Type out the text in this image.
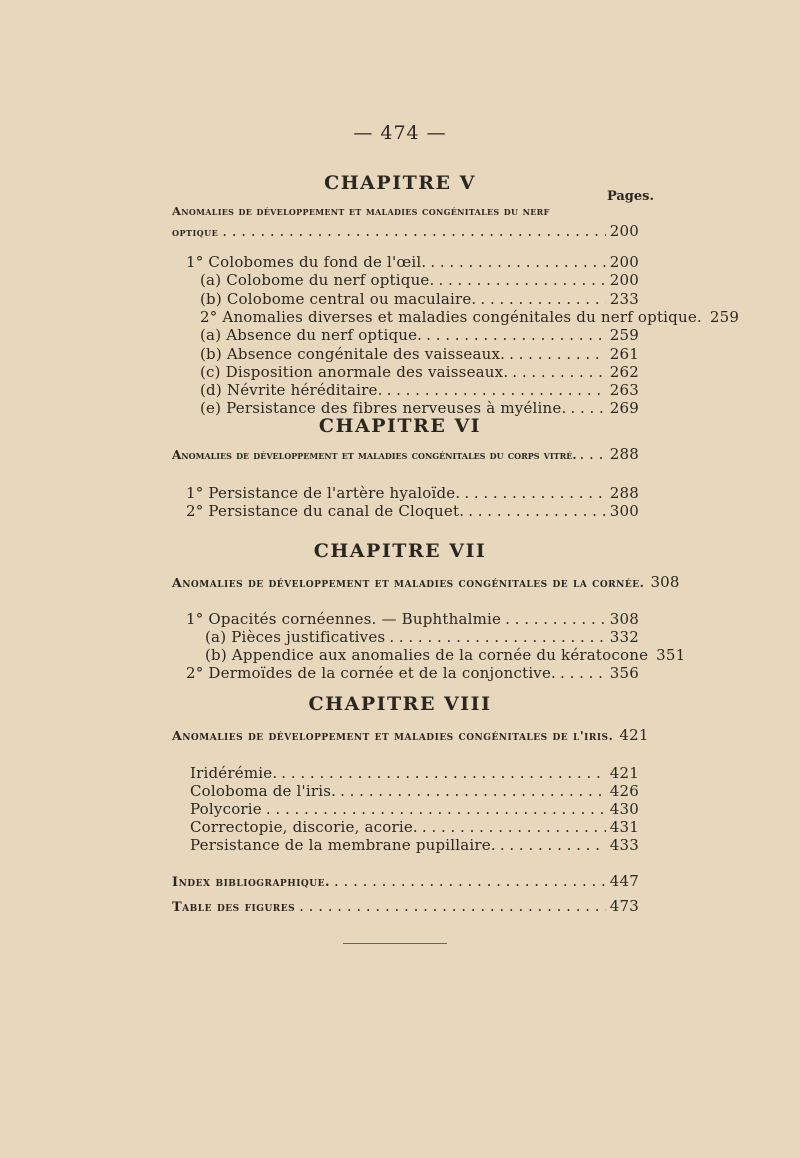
— 474 —
CHAPITRE V
Pages.
Anomalies de développement et maladies congénitales du nerf
optique . . .	200
1° Colobomes du fond de l'œil. . . .	200
(a) Colobome du nerf optique. . . .	200
(b) Colobome central ou maculaire. . . .	233
2° Anomalies diverses et maladies congénitales du nerf optique. 259
(a) Absence du nerf optique. . . .	259
(b) Absence congénitale des vaisseaux. . . .	261
(c) Disposition anormale des vaisseaux. . . .	262
(d) Névrite héréditaire. . . .	263
(e) Persistance des fibres nerveuses à myéline. . . .	269
CHAPITRE VI
Anomalies de développement et maladies congénitales du corps vitré. . . . 288
1° Persistance de l'artère hyaloïde. . . .	288
2° Persistance du canal de Cloquet. . . .	300
CHAPITRE VII
Anomalies de développement et maladies congénitales de la cornée. 308
1° Opacités cornéennes. — Buphthalmie . . .	308
(a) Pièces justificatives . . .	332
(b) Appendice aux anomalies de la cornée du kératocone 351
2° Dermoïdes de la cornée et de la conjonctive. . . .	356
CHAPITRE VIII
Anomalies de développement et maladies congénitales de l'iris. 421
Iridérémie. . . .	421
Coloboma de l'iris. . . .	426
Polycorie . . .	430
Correctopie, discorie, acorie. . . .	431
Persistance de la membrane pupillaire. . . .	433
Index bibliographique. . . .	447
Table des figures . . .	473
